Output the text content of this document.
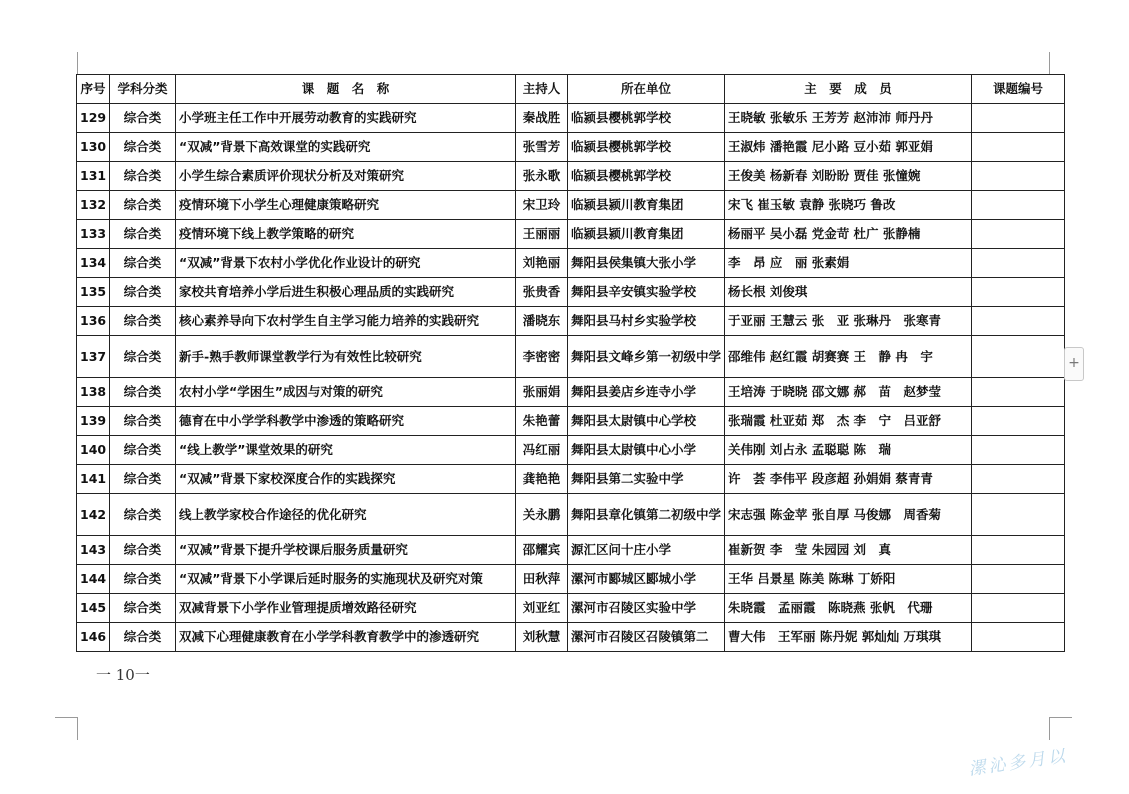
序号	学科分类	课　题　名　称	主持人	所在单位	主　要　成　员	课题编号
129	综合类	小学班主任工作中开展劳动教育的实践研究	秦战胜	临颍县樱桃郭学校	王晓敏 张敏乐 王芳芳 赵沛沛 师丹丹	
130	综合类	“双减”背景下高效课堂的实践研究	张雪芳	临颍县樱桃郭学校	王淑炜 潘艳霞 尼小路 豆小茹 郭亚娟	
131	综合类	小学生综合素质评价现状分析及对策研究	张永歌	临颍县樱桃郭学校	王俊美 杨新春 刘盼盼 贾佳 张憧婉	
132	综合类	疫情环境下小学生心理健康策略研究	宋卫玲	临颍县颍川教育集团	宋飞 崔玉敏 袁静 张晓巧 鲁改	
133	综合类	疫情环境下线上教学策略的研究	王丽丽	临颍县颍川教育集团	杨丽平 吴小磊 党金苛 杜广 张静楠	
134	综合类	“双减”背景下农村小学优化作业设计的研究	刘艳丽	舞阳县侯集镇大张小学	李　昂 应　丽 张素娟	
135	综合类	家校共育培养小学后进生积极心理品质的实践研究	张贵香	舞阳县辛安镇实验学校	杨长根 刘俊琪	
136	综合类	核心素养导向下农村学生自主学习能力培养的实践研究	潘晓东	舞阳县马村乡实验学校	于亚丽 王慧云 张　亚 张琳丹　张寒青	
137	综合类	新手-熟手教师课堂教学行为有效性比较研究	李密密	舞阳县文峰乡第一初级中学	邵维伟 赵红霞 胡赛赛 王　静 冉　宇	
138	综合类	农村小学“学困生”成因与对策的研究	张丽娟	舞阳县姜店乡连寺小学	王培涛 于晓晓 邵文娜 郝　苗　赵梦莹	
139	综合类	德育在中小学学科教学中渗透的策略研究	朱艳蕾	舞阳县太尉镇中心学校	张瑞霞 杜亚茹 郑　杰 李　宁　吕亚舒	
140	综合类	“线上教学”课堂效果的研究	冯红丽	舞阳县太尉镇中心小学	关伟刚 刘占永 孟聪聪 陈　瑞	
141	综合类	“双减”背景下家校深度合作的实践探究	龚艳艳	舞阳县第二实验中学	许　荟 李伟平 段彦超 孙娟娟 蔡青青	
142	综合类	线上教学家校合作途径的优化研究	关永鹏	舞阳县章化镇第二初级中学	宋志强 陈金苹 张自厚 马俊娜　周香菊	
143	综合类	“双减”背景下提升学校课后服务质量研究	邵耀宾	源汇区问十庄小学	崔新贺 李　莹 朱园园 刘　真	
144	综合类	“双减”背景下小学课后延时服务的实施现状及研究对策	田秋萍	漯河市郾城区郾城小学	王华 吕景星 陈美 陈琳 丁娇阳	
145	综合类	双减背景下小学作业管理提质增效路径研究	刘亚红	漯河市召陵区实验中学	朱晓霞　孟丽霞　陈晓燕 张帆　代珊	
146	综合类	双减下心理健康教育在小学学科教育教学中的渗透研究	刘秋慧	漯河市召陵区召陵镇第二	曹大伟　王军丽 陈丹妮 郭灿灿 万琪琪	
一 10一
+
漯沁多月以
